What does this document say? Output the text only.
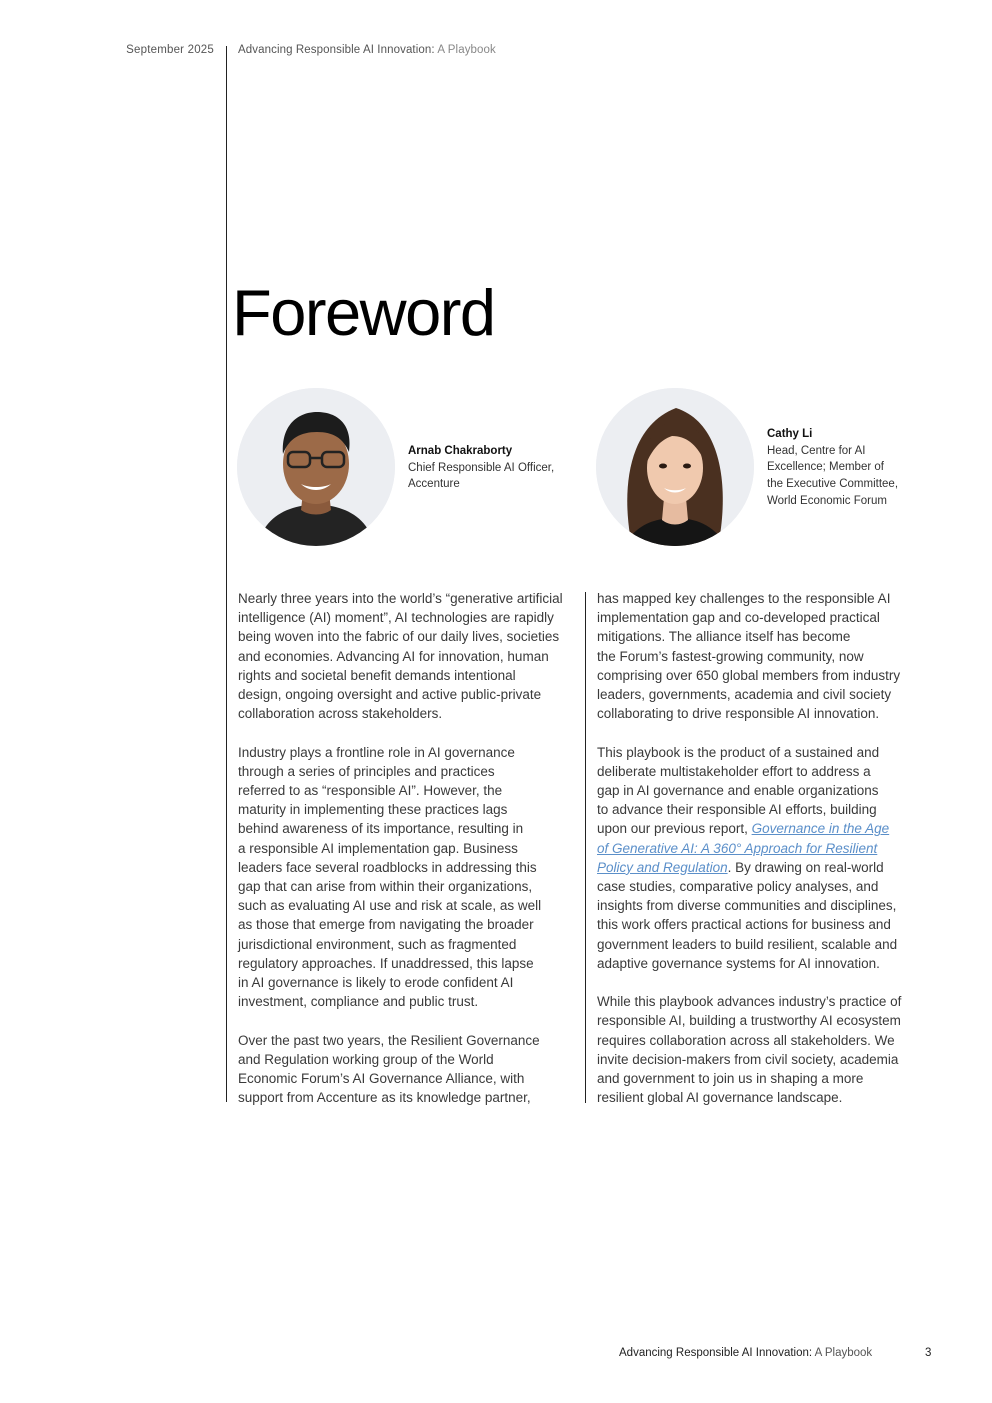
September 2025 Advancing Responsible AI Innovation: A Playbook
Foreword
Arnab Chakraborty
Chief Responsible AI Officer,
Accenture
Cathy Li
Head, Centre for AI
Excellence; Member of
the Executive Committee,
World Economic Forum

Nearly three years into the world’s “generative artificial
intelligence (AI) moment”, AI technologies are rapidly
being woven into the fabric of our daily lives, societies
and economies. Advancing AI for innovation, human
rights and societal benefit demands intentional
design, ongoing oversight and active public-private
collaboration across stakeholders.

Industry plays a frontline role in AI governance
through a series of principles and practices
referred to as “responsible AI”. However, the
maturity in implementing these practices lags
behind awareness of its importance, resulting in
a responsible AI implementation gap. Business
leaders face several roadblocks in addressing this
gap that can arise from within their organizations,
such as evaluating AI use and risk at scale, as well
as those that emerge from navigating the broader
jurisdictional environment, such as fragmented
regulatory approaches. If unaddressed, this lapse
in AI governance is likely to erode confident AI
investment, compliance and public trust.

Over the past two years, the Resilient Governance
and Regulation working group of the World
Economic Forum’s AI Governance Alliance, with
support from Accenture as its knowledge partner,

has mapped key challenges to the responsible AI
implementation gap and co-developed practical
mitigations. The alliance itself has become
the Forum’s fastest-growing community, now
comprising over 650 global members from industry
leaders, governments, academia and civil society
collaborating to drive responsible AI innovation.

This playbook is the product of a sustained and
deliberate multistakeholder effort to address a
gap in AI governance and enable organizations
to advance their responsible AI efforts, building
upon our previous report, Governance in the Age
of Generative AI: A 360° Approach for Resilient
Policy and Regulation. By drawing on real-world
case studies, comparative policy analyses, and
insights from diverse communities and disciplines,
this work offers practical actions for business and
government leaders to build resilient, scalable and
adaptive governance systems for AI innovation.

While this playbook advances industry’s practice of
responsible AI, building a trustworthy AI ecosystem
requires collaboration across all stakeholders. We
invite decision-makers from civil society, academia
and government to join us in shaping a more
resilient global AI governance landscape.

Advancing Responsible AI Innovation: A Playbook	3
